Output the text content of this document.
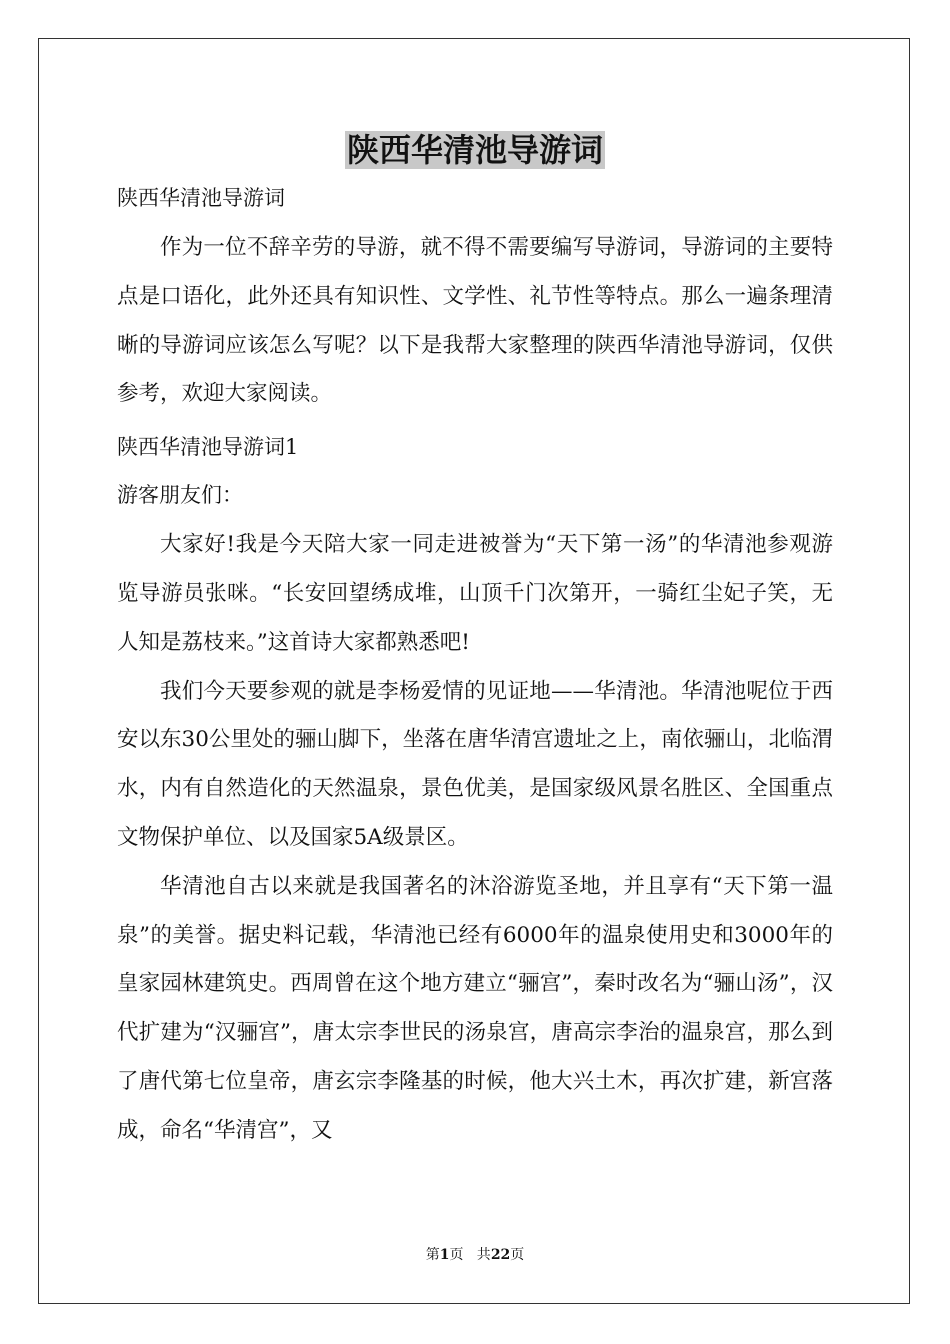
陕西华清池导游词

陕西华清池导游词

作为一位不辞辛劳的导游，就不得不需要编写导游词，导游词的主要特点是口语化，此外还具有知识性、文学性、礼节性等特点。那么一遍条理清晰的导游词应该怎么写呢？以下是我帮大家整理的陕西华清池导游词，仅供参考，欢迎大家阅读。

陕西华清池导游词1

游客朋友们：

大家好!我是今天陪大家一同走进被誉为“天下第一汤”的华清池参观游览导游员张咪。“长安回望绣成堆，山顶千门次第开，一骑红尘妃子笑，无人知是荔枝来。”这首诗大家都熟悉吧!

我们今天要参观的就是李杨爱情的见证地——华清池。华清池呢位于西安以东30公里处的骊山脚下，坐落在唐华清宫遗址之上，南依骊山，北临渭水，内有自然造化的天然温泉，景色优美，是国家级风景名胜区、全国重点文物保护单位、以及国家5A级景区。

华清池自古以来就是我国著名的沐浴游览圣地，并且享有“天下第一温泉”的美誉。据史料记载，华清池已经有6000年的温泉使用史和3000年的皇家园林建筑史。西周曾在这个地方建立“骊宫”，秦时改名为“骊山汤”，汉代扩建为“汉骊宫”，唐太宗李世民的汤泉宫，唐高宗李治的温泉宫，那么到了唐代第七位皇帝，唐玄宗李隆基的时候，他大兴土木，再次扩建，新宫落成，命名“华清宫”，又

第1页   共22页
